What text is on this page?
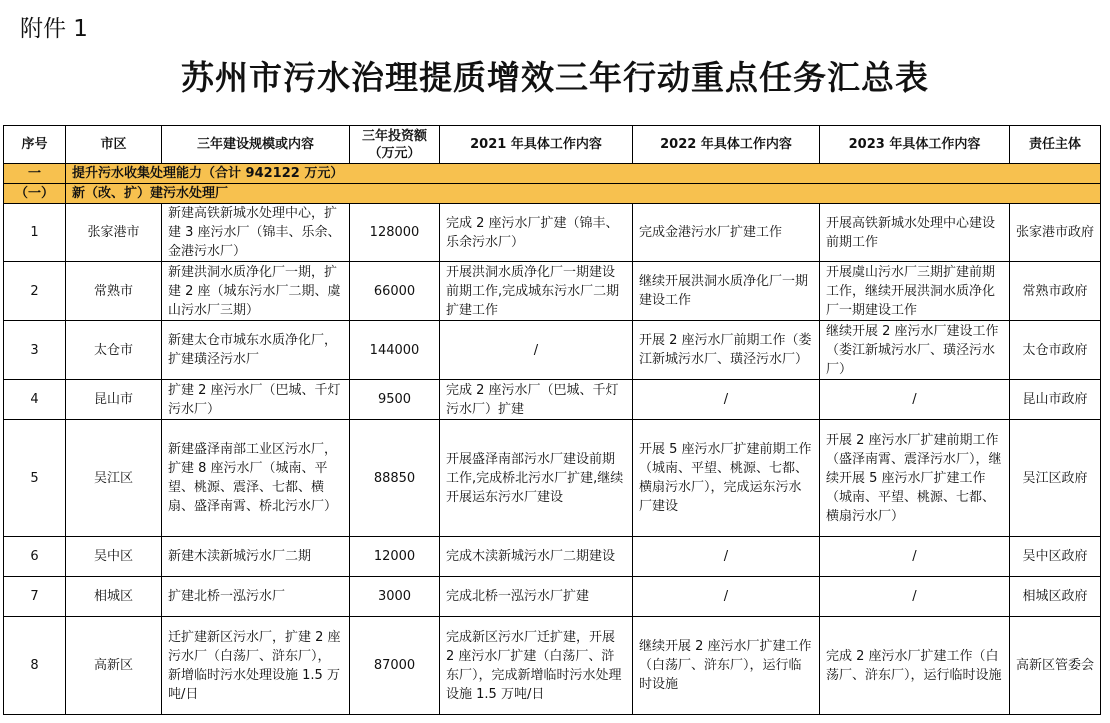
附件 1
苏州市污水治理提质增效三年行动重点任务汇总表
序号	市区	三年建设规模或内容	三年投资额（万元）	2021 年具体工作内容	2022 年具体工作内容	2023 年具体工作内容	责任主体
一	提升污水收集处理能力（合计 942122 万元）						
（一）	新（改、扩）建污水处理厂						
1	张家港市	新建高铁新城水处理中心，扩建 3 座污水厂（锦丰、乐余、金港污水厂）	128000	完成 2 座污水厂扩建（锦丰、乐余污水厂）	完成金港污水厂扩建工作	开展高铁新城水处理中心建设前期工作	张家港市政府
2	常熟市	新建洪洞水质净化厂一期，扩建 2 座（城东污水厂二期、虞山污水厂三期）	66000	开展洪洞水质净化厂一期建设前期工作,完成城东污水厂二期扩建工作	继续开展洪洞水质净化厂一期建设工作	开展虞山污水厂三期扩建前期工作，继续开展洪洞水质净化厂一期建设工作	常熟市政府
3	太仓市	新建太仓市城东水质净化厂，扩建璜泾污水厂	144000	/	开展 2 座污水厂前期工作（娄江新城污水厂、璜泾污水厂）	继续开展 2 座污水厂建设工作（娄江新城污水厂、璜泾污水厂）	太仓市政府
4	昆山市	扩建 2 座污水厂（巴城、千灯污水厂）	9500	完成 2 座污水厂（巴城、千灯污水厂）扩建	/	/	昆山市政府
5	吴江区	新建盛泽南部工业区污水厂，扩建 8 座污水厂（城南、平望、桃源、震泽、七都、横扇、盛泽南霄、桥北污水厂）	88850	开展盛泽南部污水厂建设前期工作,完成桥北污水厂扩建,继续开展运东污水厂建设	开展 5 座污水厂扩建前期工作（城南、平望、桃源、七都、横扇污水厂），完成运东污水厂建设	开展 2 座污水厂扩建前期工作（盛泽南霄、震泽污水厂），继续开展 5 座污水厂扩建工作（城南、平望、桃源、七都、横扇污水厂）	吴江区政府
6	吴中区	新建木渎新城污水厂二期	12000	完成木渎新城污水厂二期建设	/	/	吴中区政府
7	相城区	扩建北桥一泓污水厂	3000	完成北桥一泓污水厂扩建	/	/	相城区政府
8	高新区	迁扩建新区污水厂，扩建 2 座污水厂（白荡厂、浒东厂），新增临时污水处理设施 1.5 万吨/日	87000	完成新区污水厂迁扩建，开展 2 座污水厂扩建（白荡厂、浒东厂），完成新增临时污水处理设施 1.5 万吨/日	继续开展 2 座污水厂扩建工作（白荡厂、浒东厂），运行临时设施	完成 2 座污水厂扩建工作（白荡厂、浒东厂），运行临时设施	高新区管委会
